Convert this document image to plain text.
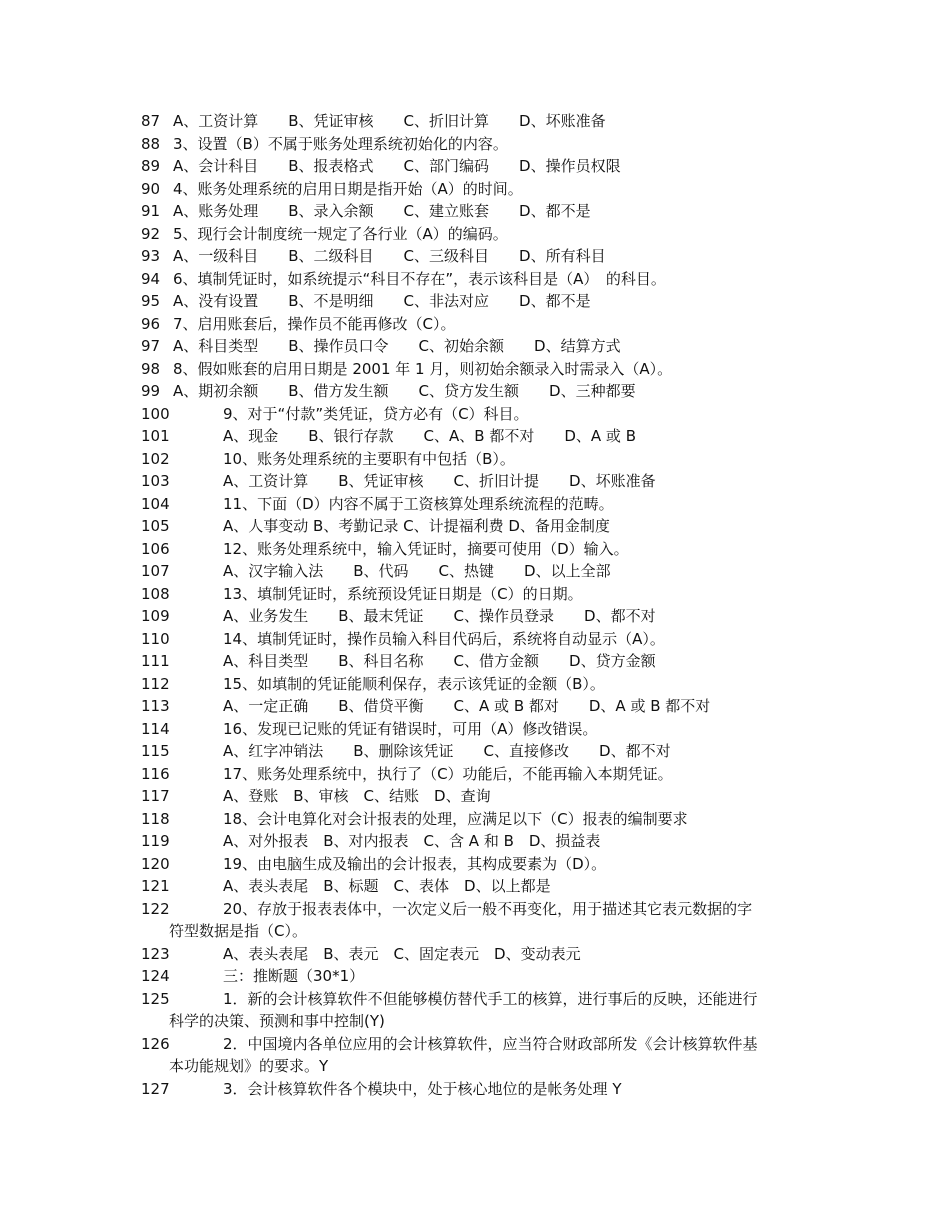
87 A、工资计算　　B、凭证审核　　C、折旧计算　　D、坏账准备
88 3、设置（B）不属于账务处理系统初始化的内容。
89 A、会计科目　　B、报表格式　　C、部门编码　　D、操作员权限
90 4、账务处理系统的启用日期是指开始（A）的时间。
91 A、账务处理　　B、录入余额　　C、建立账套　　D、都不是
92 5、现行会计制度统一规定了各行业（A）的编码。
93 A、一级科目　　B、二级科目　　C、三级科目　　D、所有科目
94 6、填制凭证时，如系统提示“科目不存在”，表示该科目是（A）　的科目。
95 A、没有设置　　B、不是明细　　C、非法对应　　D、都不是
96 7、启用账套后，操作员不能再修改（C）。
97 A、科目类型　　B、操作员口令　　C、初始余额　　D、结算方式
98 8、假如账套的启用日期是 2001 年 1 月，则初始余额录入时需录入（A）。
99 A、期初余额　　B、借方发生额　　C、贷方发生额　　D、三种都要
100	9、对于“付款”类凭证，贷方必有（C）科目。
101	A、现金　　B、银行存款　　C、A、B 都不对　　D、A 或 B
102	10、账务处理系统的主要职有中包括（B）。
103	A、工资计算　　B、凭证审核　　C、折旧计提　　D、坏账准备
104	11、下面（D）内容不属于工资核算处理系统流程的范畴。
105	A、人事变动 B、考勤记录 C、计提福利费 D、备用金制度
106	12、账务处理系统中，输入凭证时，摘要可使用（D）输入。
107	A、汉字输入法　　B、代码　　C、热键　　D、以上全部
108	13、填制凭证时，系统预设凭证日期是（C）的日期。
109	A、业务发生　　B、最末凭证　　C、操作员登录　　D、都不对
110	14、填制凭证时，操作员输入科目代码后，系统将自动显示（A）。
111	A、科目类型　　B、科目名称　　C、借方金额　　D、贷方金额
112	15、如填制的凭证能顺利保存，表示该凭证的金额（B）。
113	A、一定正确　　B、借贷平衡　　C、A 或 B 都对　　D、A 或 B 都不对
114	16、发现已记账的凭证有错误时，可用（A）修改错误。
115	A、红字冲销法　　B、删除该凭证　　C、直接修改　　D、都不对
116	17、账务处理系统中，执行了（C）功能后，不能再输入本期凭证。
117	A、登账　B、审核　C、结账　D、查询
118	18、会计电算化对会计报表的处理，应满足以下（C）报表的编制要求
119	A、对外报表　B、对内报表　C、含 A 和 B　D、损益表
120	19、由电脑生成及输出的会计报表，其构成要素为（D）。
121	A、表头表尾　B、标题　C、表体　D、以上都是
122	20、存放于报表表体中，一次定义后一般不再变化，用于描述其它表元数据的字
符型数据是指（C）。
123	A、表头表尾　B、表元　C、固定表元　D、变动表元
124	三：推断题（30*1）
125	1．新的会计核算软件不但能够模仿替代手工的核算，进行事后的反映，还能进行
科学的决策、预测和事中控制(Y)
126	2．中国境内各单位应用的会计核算软件，应当符合财政部所发《会计核算软件基
本功能规划》的要求。Y
127	3．会计核算软件各个模块中，处于核心地位的是帐务处理 Y
